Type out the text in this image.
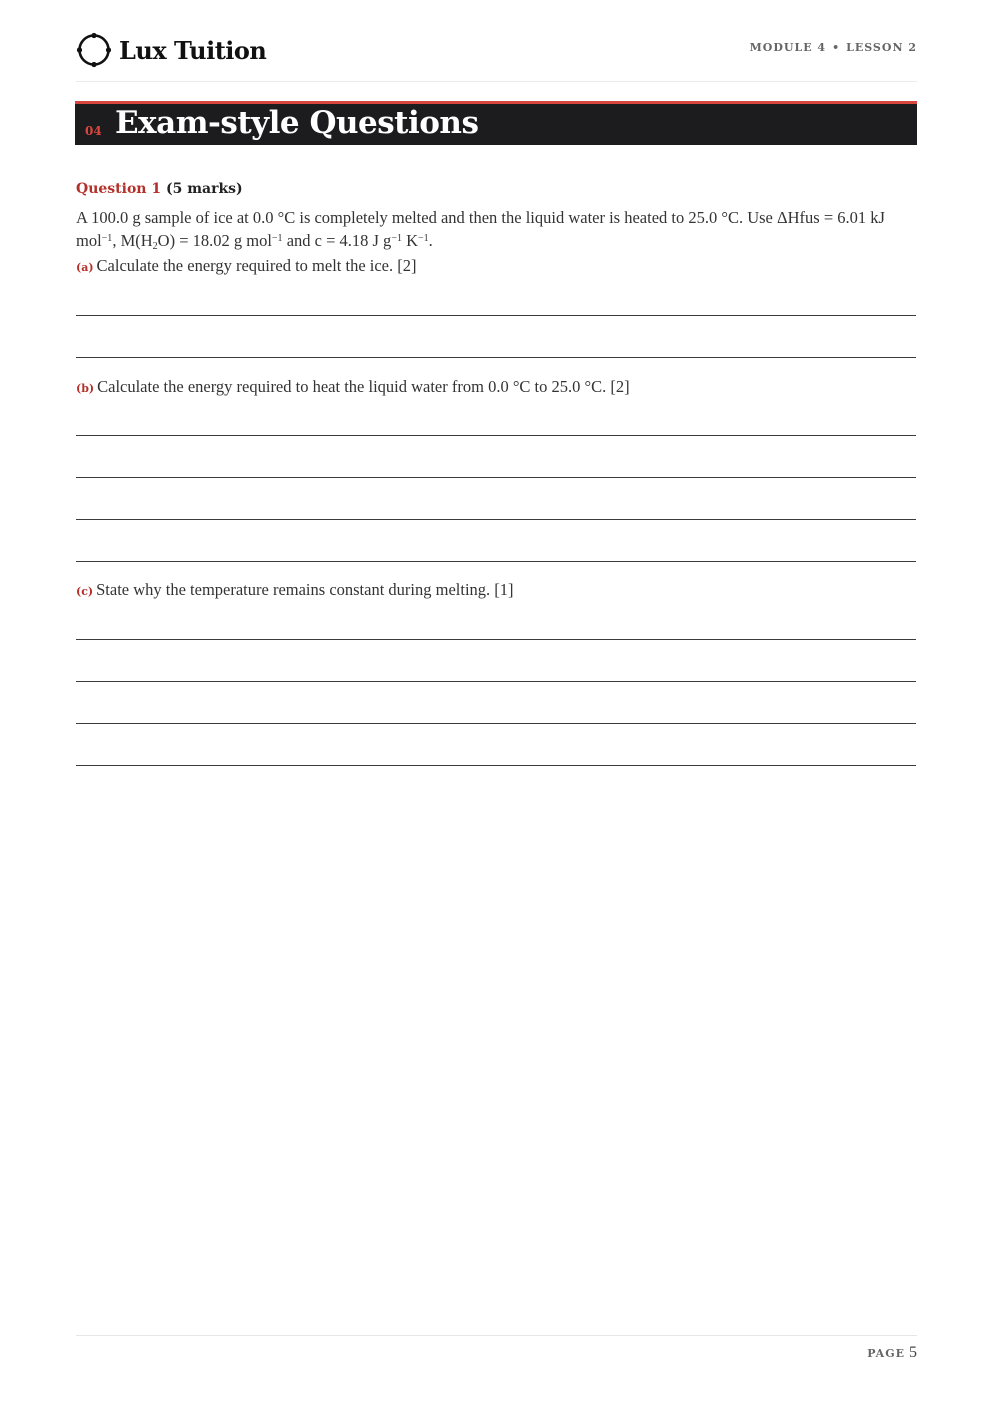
Lux Tuition	MODULE 4 • LESSON 2
04 Exam-style Questions
Question 1 (5 marks)
A 100.0 g sample of ice at 0.0 °C is completely melted and then the liquid water is heated to 25.0 °C. Use ΔHfus = 6.01 kJ mol$^{-1}$, $M(H_2O) = 18.02$ g mol$^{-1}$ and c = 4.18 J $g^{-1}$ $K^{-1}$.
(a) Calculate the energy required to melt the ice. [2]
(b) Calculate the energy required to heat the liquid water from 0.0 °C to 25.0 °C. [2]
(c) State why the temperature remains constant during melting. [1]
PAGE 5
